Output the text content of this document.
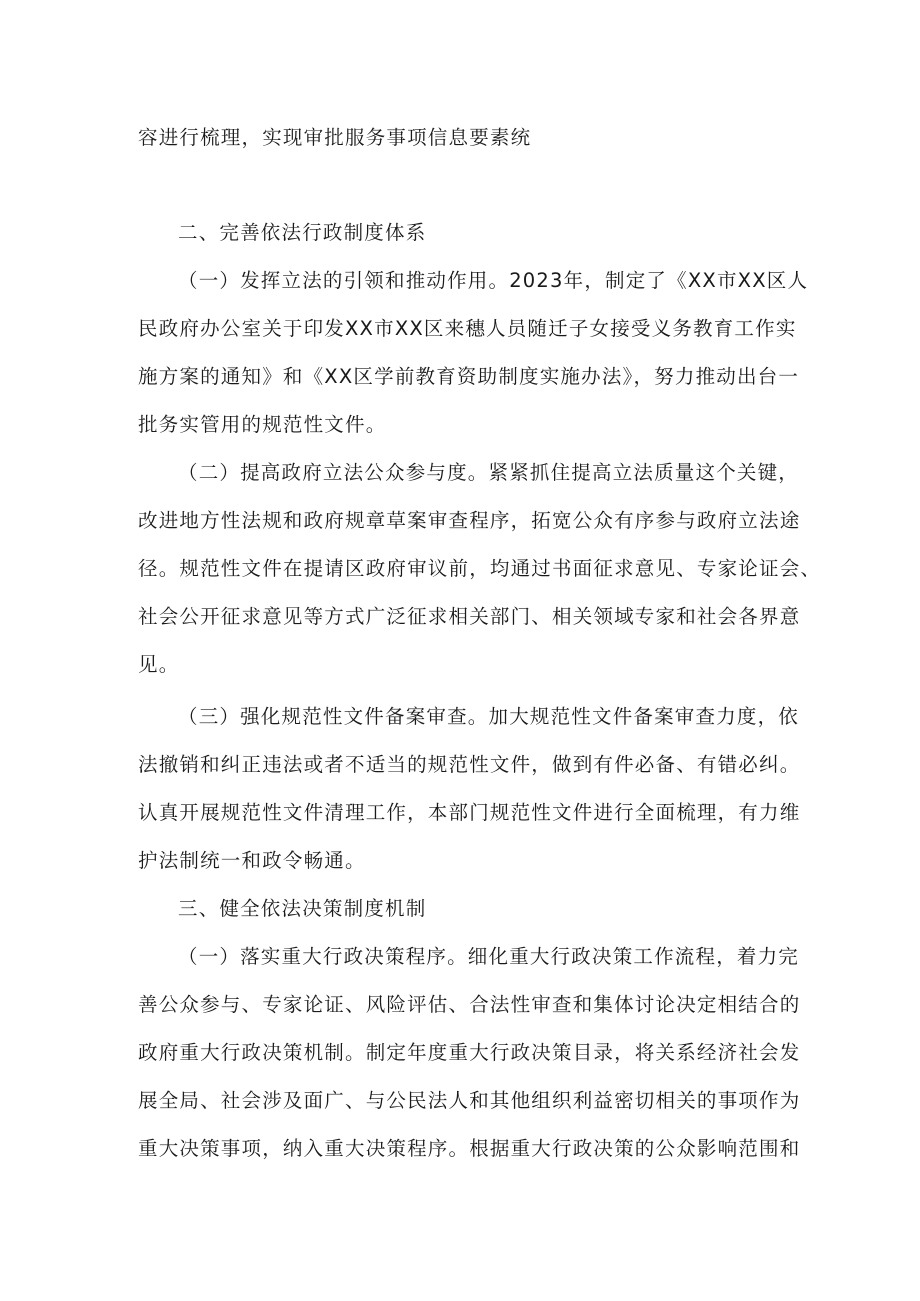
容进行梳理，实现审批服务事项信息要素统
二、完善依法行政制度体系
（一）发挥立法的引领和推动作用。2023年，制定了《XX市XX区人
民政府办公室关于印发XX市XX区来穗人员随迁子女接受义务教育工作实
施方案的通知》和《XX区学前教育资助制度实施办法》，努力推动出台一
批务实管用的规范性文件。
（二）提高政府立法公众参与度。紧紧抓住提高立法质量这个关键，
改进地方性法规和政府规章草案审查程序，拓宽公众有序参与政府立法途
径。规范性文件在提请区政府审议前，均通过书面征求意见、专家论证会、
社会公开征求意见等方式广泛征求相关部门、相关领域专家和社会各界意
见。
（三）强化规范性文件备案审查。加大规范性文件备案审查力度，依
法撤销和纠正违法或者不适当的规范性文件，做到有件必备、有错必纠。
认真开展规范性文件清理工作，本部门规范性文件进行全面梳理，有力维
护法制统一和政令畅通。
三、健全依法决策制度机制
（一）落实重大行政决策程序。细化重大行政决策工作流程，着力完
善公众参与、专家论证、风险评估、合法性审查和集体讨论决定相结合的
政府重大行政决策机制。制定年度重大行政决策目录，将关系经济社会发
展全局、社会涉及面广、与公民法人和其他组织利益密切相关的事项作为
重大决策事项，纳入重大决策程序。根据重大行政决策的公众影响范围和
